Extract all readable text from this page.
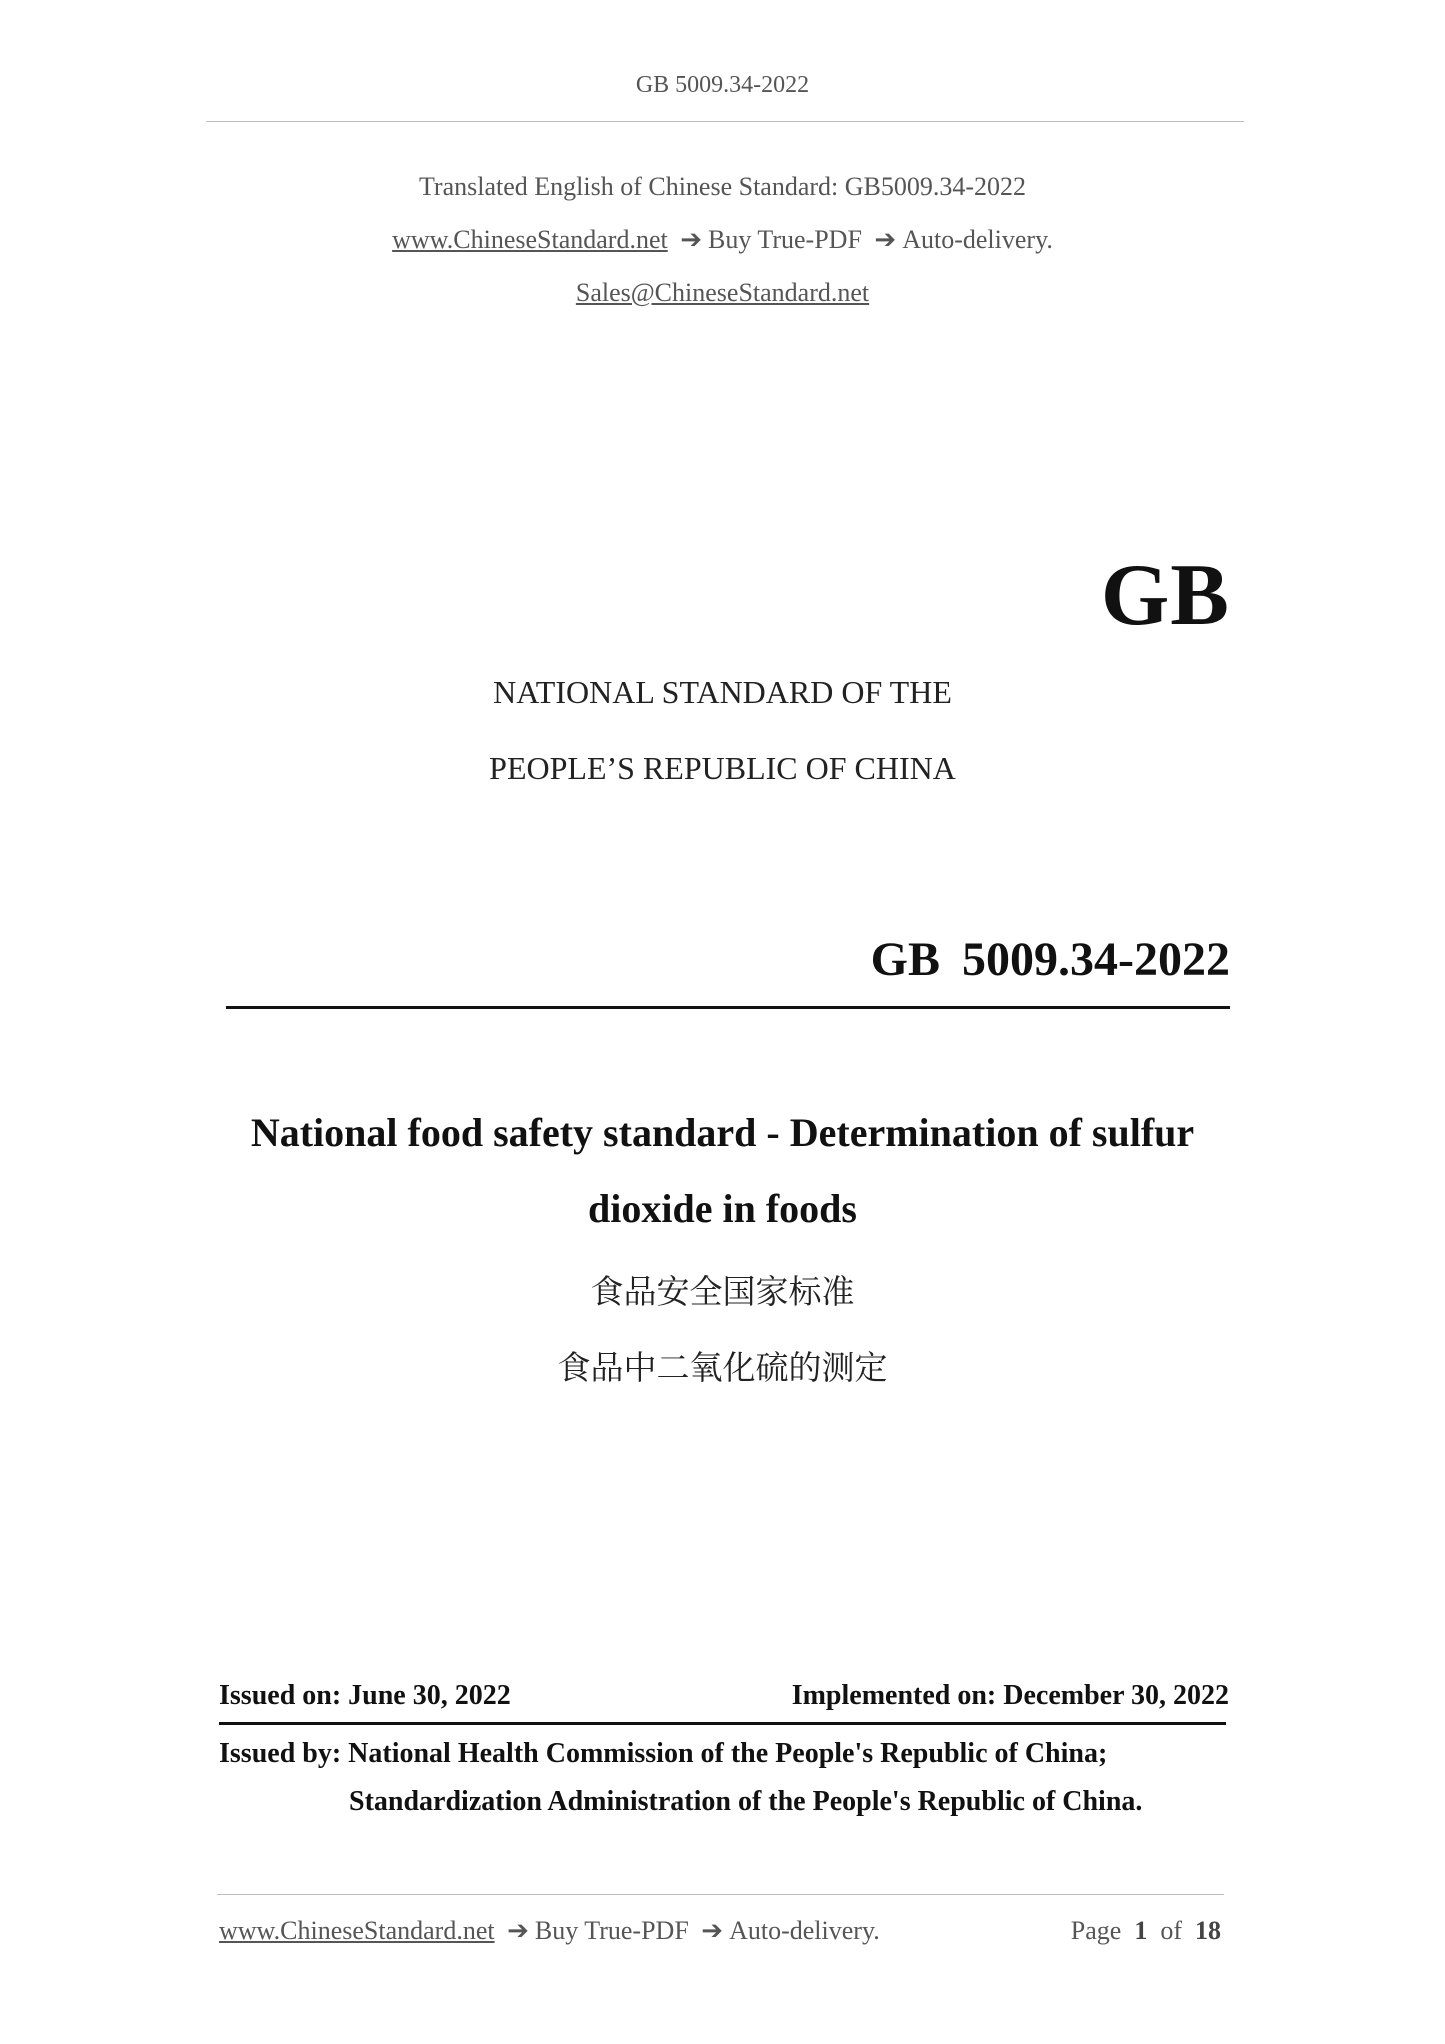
GB 5009.34-2022
Translated English of Chinese Standard: GB5009.34-2022
www.ChineseStandard.net ➔ Buy True-PDF ➔ Auto-delivery.
Sales@ChineseStandard.net
GB
NATIONAL STANDARD OF THE
PEOPLE’S REPUBLIC OF CHINA
GB 5009.34-2022
National food safety standard - Determination of sulfur
dioxide in foods
食品安全国家标准
食品中二氧化硫的测定
Issued on: June 30, 2022	Implemented on: December 30, 2022
Issued by: National Health Commission of the People's Republic of China;
Standardization Administration of the People's Republic of China.
www.ChineseStandard.net ➔ Buy True-PDF ➔ Auto-delivery.	Page 1 of 18
